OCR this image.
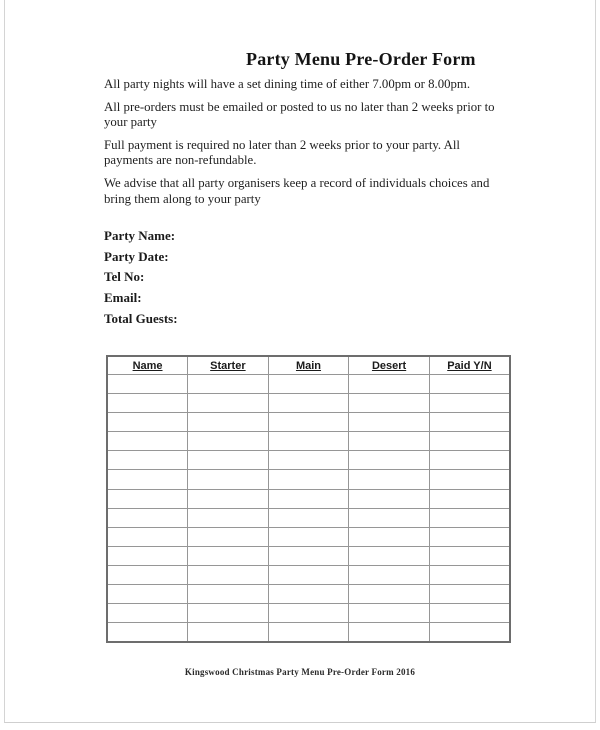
Party Menu Pre-Order Form

All party nights will have a set dining time of either 7.00pm or 8.00pm.

All pre-orders must be emailed or posted to us no later than 2 weeks prior to your party

Full payment is required no later than 2 weeks prior to your party. All payments are non-refundable.

We advise that all party organisers keep a record of individuals choices and bring them along to your party

Party Name:
Party Date:
Tel No:
Email:
Total Guests:
Name	Starter	Main	Desert	Paid Y/N

Kingswood Christmas Party Menu Pre-Order Form 2016
